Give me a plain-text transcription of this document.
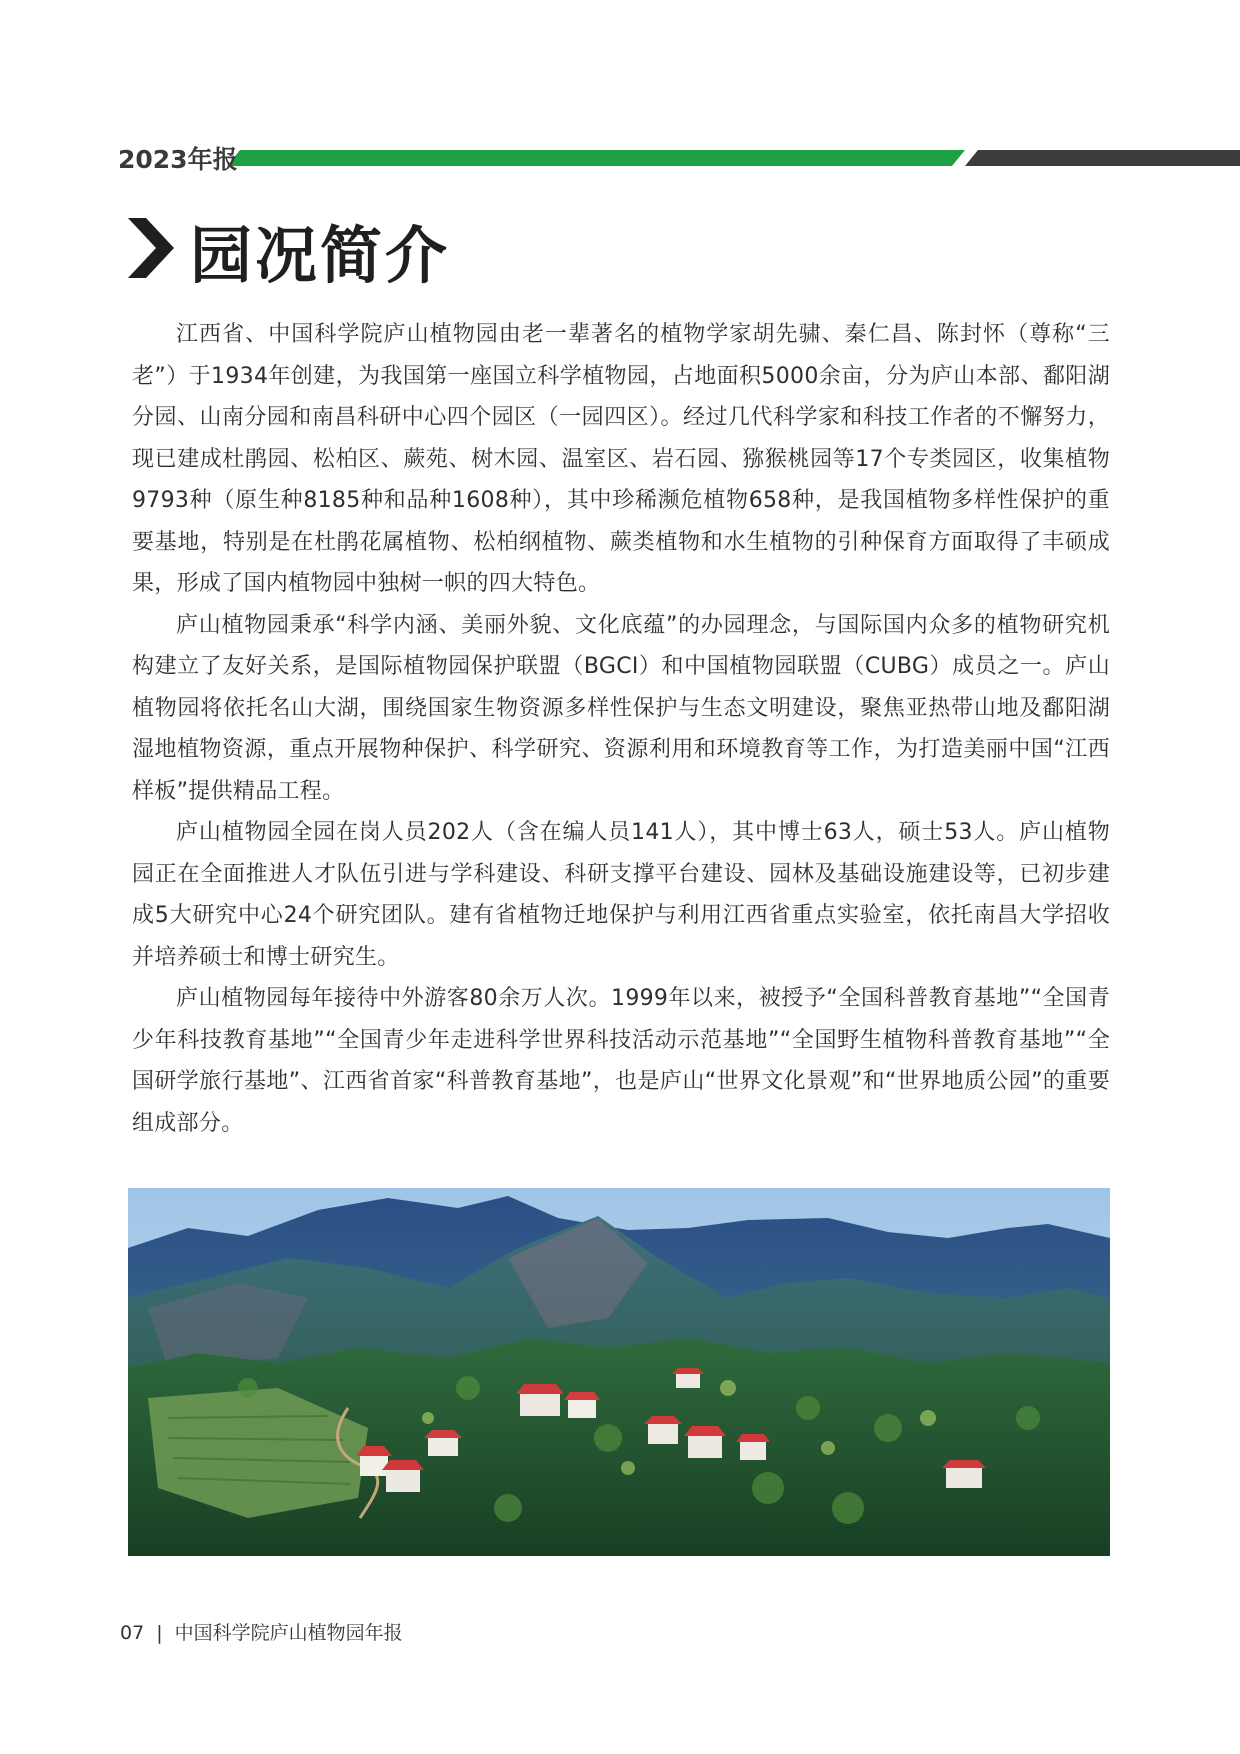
2023年报
园况简介

江西省、中国科学院庐山植物园由老一辈著名的植物学家胡先骕、秦仁昌、陈封怀（尊称“三老”）于1934年创建，为我国第一座国立科学植物园，占地面积5000余亩，分为庐山本部、鄱阳湖分园、山南分园和南昌科研中心四个园区（一园四区）。经过几代科学家和科技工作者的不懈努力，现已建成杜鹃园、松柏区、蕨苑、树木园、温室区、岩石园、猕猴桃园等17个专类园区，收集植物9793种（原生种8185种和品种1608种），其中珍稀濒危植物658种，是我国植物多样性保护的重要基地，特别是在杜鹃花属植物、松柏纲植物、蕨类植物和水生植物的引种保育方面取得了丰硕成果，形成了国内植物园中独树一帜的四大特色。

庐山植物园秉承“科学内涵、美丽外貌、文化底蕴”的办园理念，与国际国内众多的植物研究机构建立了友好关系，是国际植物园保护联盟（BGCI）和中国植物园联盟（CUBG）成员之一。庐山植物园将依托名山大湖，围绕国家生物资源多样性保护与生态文明建设，聚焦亚热带山地及鄱阳湖湿地植物资源，重点开展物种保护、科学研究、资源利用和环境教育等工作，为打造美丽中国“江西样板”提供精品工程。

庐山植物园全园在岗人员202人（含在编人员141人），其中博士63人，硕士53人。庐山植物园正在全面推进人才队伍引进与学科建设、科研支撑平台建设、园林及基础设施建设等，已初步建成5大研究中心24个研究团队。建有省植物迁地保护与利用江西省重点实验室，依托南昌大学招收并培养硕士和博士研究生。

庐山植物园每年接待中外游客80余万人次。1999年以来，被授予“全国科普教育基地”“全国青少年科技教育基地”“全国青少年走进科学世界科技活动示范基地”“全国野生植物科普教育基地”“全国研学旅行基地”、江西省首家“科普教育基地”，也是庐山“世界文化景观”和“世界地质公园”的重要组成部分。

07 | 中国科学院庐山植物园年报
